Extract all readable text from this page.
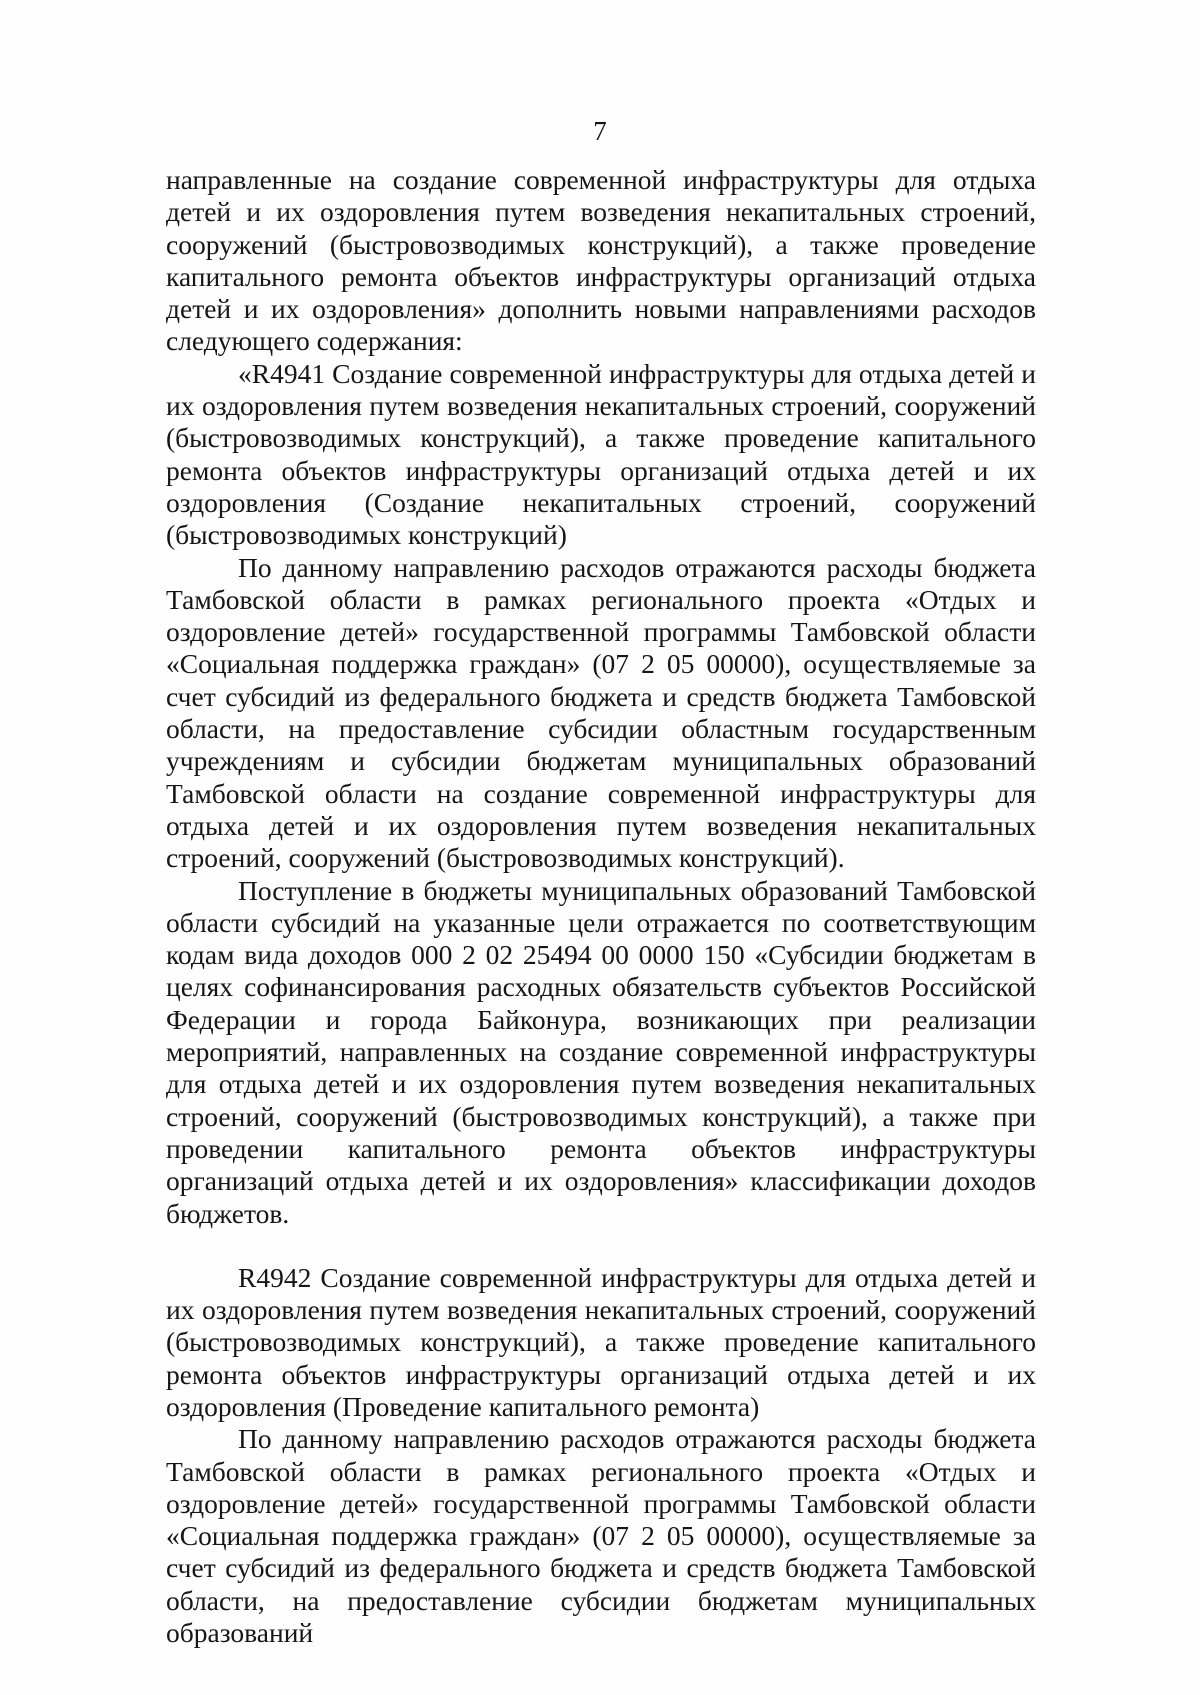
7

направленные на создание современной инфраструктуры для отдыха детей и их оздоровления путем возведения некапитальных строений, сооружений (быстровозводимых конструкций), а также проведение капитального ремонта объектов инфраструктуры организаций отдыха детей и их оздоровления» дополнить новыми направлениями расходов следующего содержания:

«R4941 Создание современной инфраструктуры для отдыха детей и их оздоровления путем возведения некапитальных строений, сооружений (быстровозводимых конструкций), а также проведение капитального ремонта объектов инфраструктуры организаций отдыха детей и их оздоровления (Создание некапитальных строений, сооружений (быстровозводимых конструкций)

По данному направлению расходов отражаются расходы бюджета Тамбовской области в рамках регионального проекта «Отдых и оздоровление детей» государственной программы Тамбовской области «Социальная поддержка граждан» (07 2 05 00000), осуществляемые за счет субсидий из федерального бюджета и средств бюджета Тамбовской области, на предоставление субсидии областным государственным учреждениям и субсидии бюджетам муниципальных образований Тамбовской области на создание современной инфраструктуры для отдыха детей и их оздоровления путем возведения некапитальных строений, сооружений (быстровозводимых конструкций).

Поступление в бюджеты муниципальных образований Тамбовской области субсидий на указанные цели отражается по соответствующим кодам вида доходов 000 2 02 25494 00 0000 150 «Субсидии бюджетам в целях софинансирования расходных обязательств субъектов Российской Федерации и города Байконура, возникающих при реализации мероприятий, направленных на создание современной инфраструктуры для отдыха детей и их оздоровления путем возведения некапитальных строений, сооружений (быстровозводимых конструкций), а также при проведении капитального ремонта объектов инфраструктуры организаций отдыха детей и их оздоровления» классификации доходов бюджетов.

R4942 Создание современной инфраструктуры для отдыха детей и их оздоровления путем возведения некапитальных строений, сооружений (быстровозводимых конструкций), а также проведение капитального ремонта объектов инфраструктуры организаций отдыха детей и их оздоровления (Проведение капитального ремонта)

По данному направлению расходов отражаются расходы бюджета Тамбовской области в рамках регионального проекта «Отдых и оздоровление детей» государственной программы Тамбовской области «Социальная поддержка граждан» (07 2 05 00000), осуществляемые за счет субсидий из федерального бюджета и средств бюджета Тамбовской области, на предоставление субсидии бюджетам муниципальных образований
